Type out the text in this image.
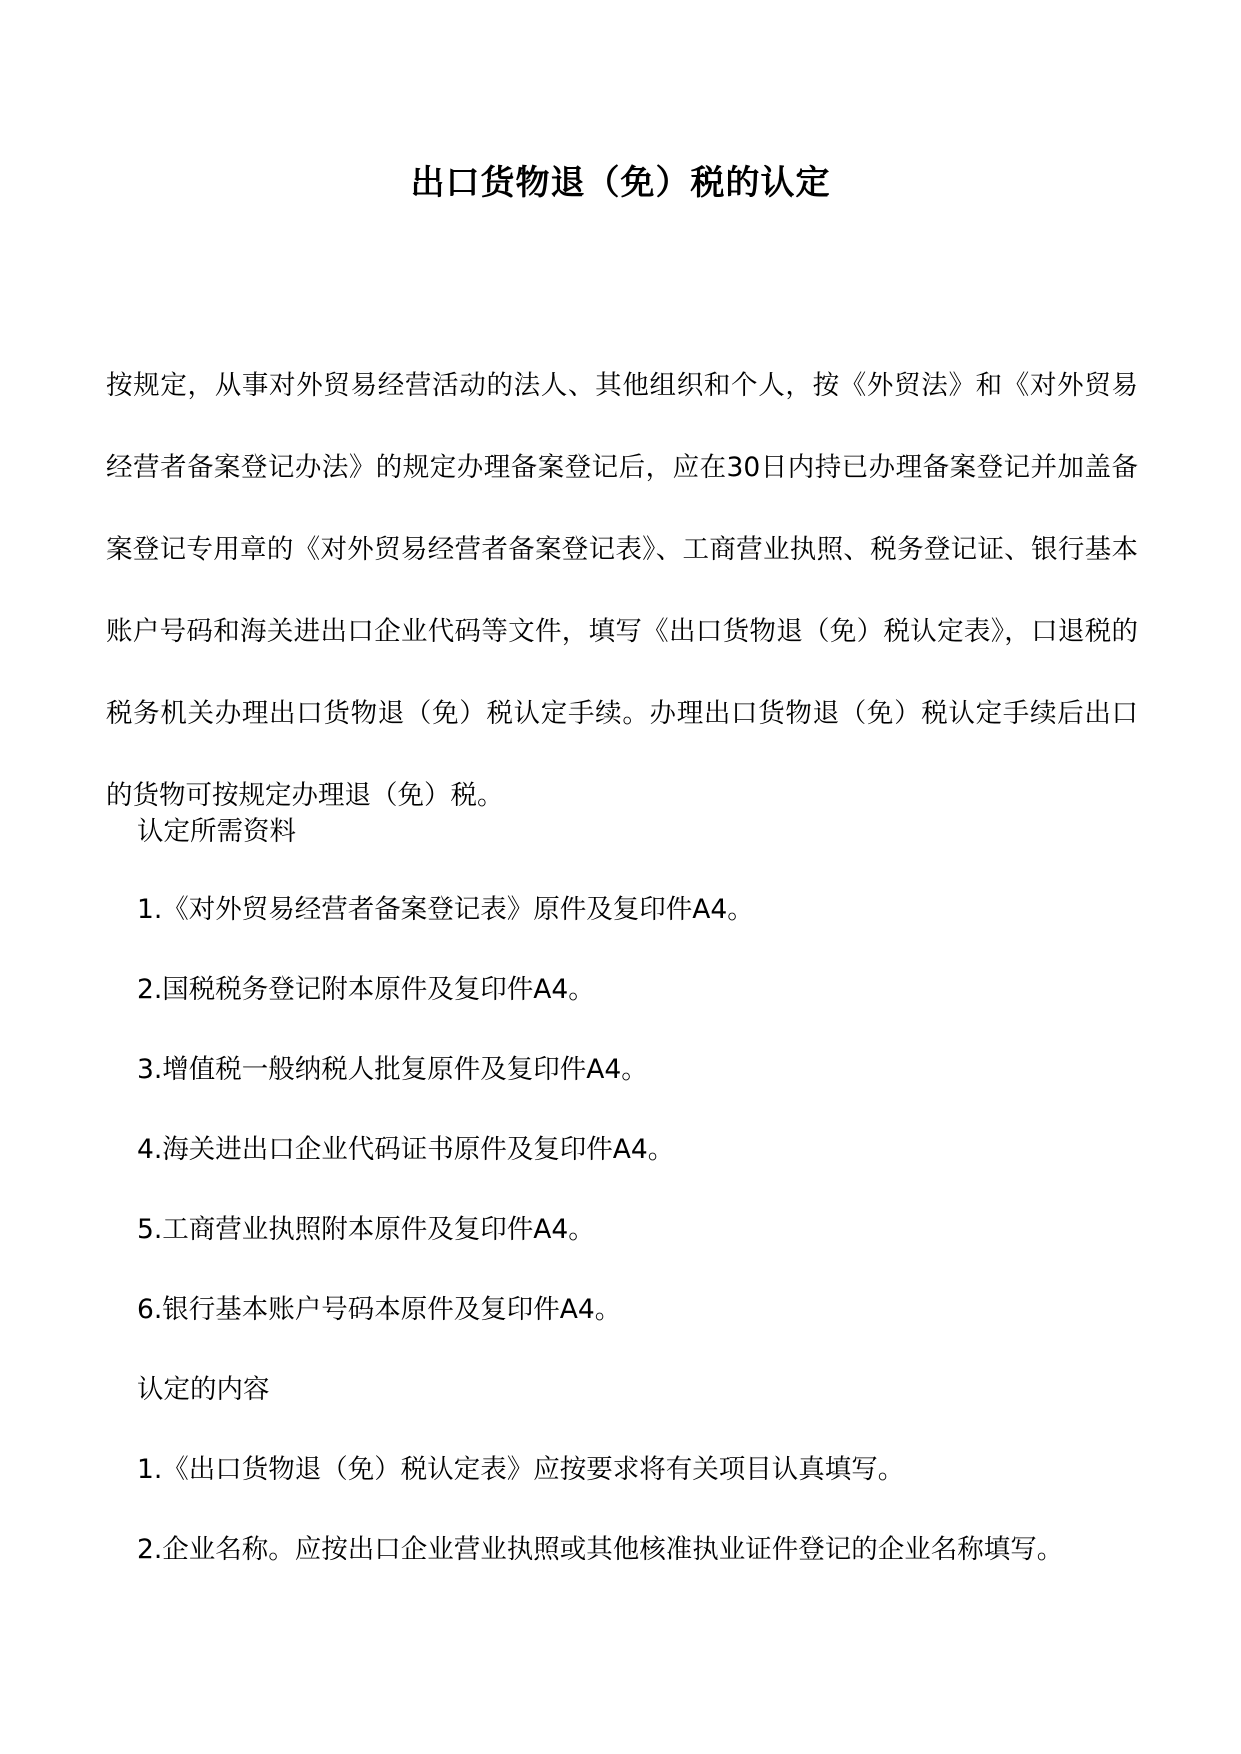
出口货物退（免）税的认定

按规定，从事对外贸易经营活动的法人、其他组织和个人，按《外贸法》和《对外贸易经营者备案登记办法》的规定办理备案登记后，应在30日内持已办理备案登记并加盖备案登记专用章的《对外贸易经营者备案登记表》、工商营业执照、税务登记证、银行基本账户号码和海关进出口企业代码等文件，填写《出口货物退（免）税认定表》，口退税的税务机关办理出口货物退（免）税认定手续。办理出口货物退（免）税认定手续后出口的货物可按规定办理退（免）税。

认定所需资料

1.《对外贸易经营者备案登记表》原件及复印件A4。

2.国税税务登记附本原件及复印件A4。

3.增值税一般纳税人批复原件及复印件A4。

4.海关进出口企业代码证书原件及复印件A4。

5.工商营业执照附本原件及复印件A4。

6.银行基本账户号码本原件及复印件A4。

认定的内容

1.《出口货物退（免）税认定表》应按要求将有关项目认真填写。

2.企业名称。应按出口企业营业执照或其他核准执业证件登记的企业名称填写。
